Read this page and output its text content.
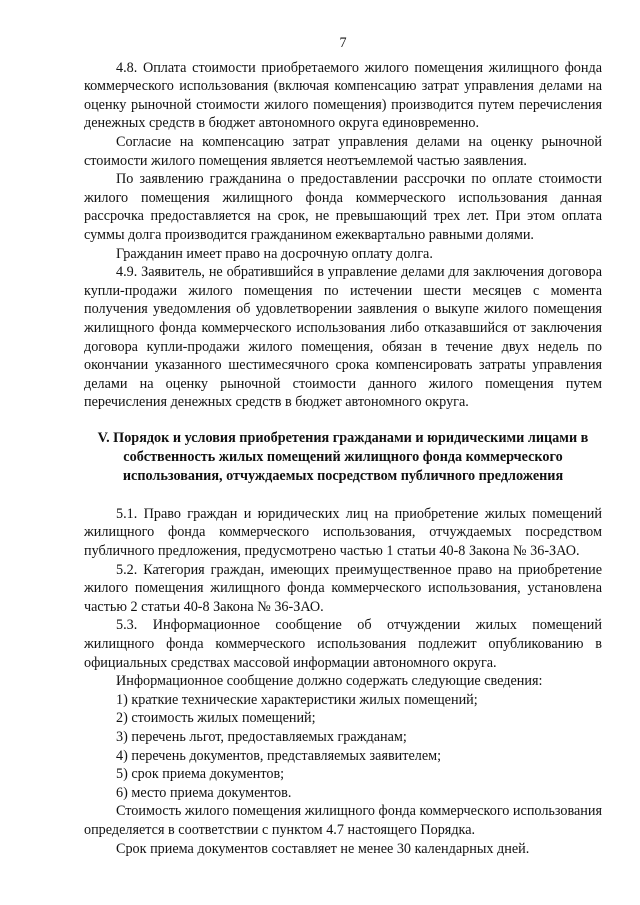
7

4.8. Оплата стоимости приобретаемого жилого помещения жилищного фонда коммерческого использования (включая компенсацию затрат управления делами на оценку рыночной стоимости жилого помещения) производится путем перечисления денежных средств в бюджет автономного округа единовременно.

Согласие на компенсацию затрат управления делами на оценку рыночной стоимости жилого помещения является неотъемлемой частью заявления.

По заявлению гражданина о предоставлении рассрочки по оплате стоимости жилого помещения жилищного фонда коммерческого использования данная рассрочка предоставляется на срок, не превышающий трех лет. При этом оплата суммы долга производится гражданином ежеквартально равными долями.

Гражданин имеет право на досрочную оплату долга.

4.9. Заявитель, не обратившийся в управление делами для заключения договора купли-продажи жилого помещения по истечении шести месяцев с момента получения уведомления об удовлетворении заявления о выкупе жилого помещения жилищного фонда коммерческого использования либо отказавшийся от заключения договора купли-продажи жилого помещения, обязан в течение двух недель по окончании указанного шестимесячного срока компенсировать затраты управления делами на оценку рыночной стоимости данного жилого помещения путем перечисления денежных средств в бюджет автономного округа.

V. Порядок и условия приобретения гражданами и юридическими лицами в собственность жилых помещений жилищного фонда коммерческого использования, отчуждаемых посредством публичного предложения

5.1. Право граждан и юридических лиц на приобретение жилых помещений жилищного фонда коммерческого использования, отчуждаемых посредством публичного предложения, предусмотрено частью 1 статьи 40-8 Закона № 36-ЗАО.

5.2. Категория граждан, имеющих преимущественное право на приобретение жилого помещения жилищного фонда коммерческого использования, установлена частью 2 статьи 40-8 Закона № 36-ЗАО.

5.3. Информационное сообщение об отчуждении жилых помещений жилищного фонда коммерческого использования подлежит опубликованию в официальных средствах массовой информации автономного округа.

Информационное сообщение должно содержать следующие сведения:

1) краткие технические характеристики жилых помещений;

2) стоимость жилых помещений;

3) перечень льгот, предоставляемых гражданам;

4) перечень документов, представляемых заявителем;

5) срок приема документов;

6) место приема документов.

Стоимость жилого помещения жилищного фонда коммерческого использования определяется в соответствии с пунктом 4.7 настоящего Порядка.

Срок приема документов составляет не менее 30 календарных дней.
